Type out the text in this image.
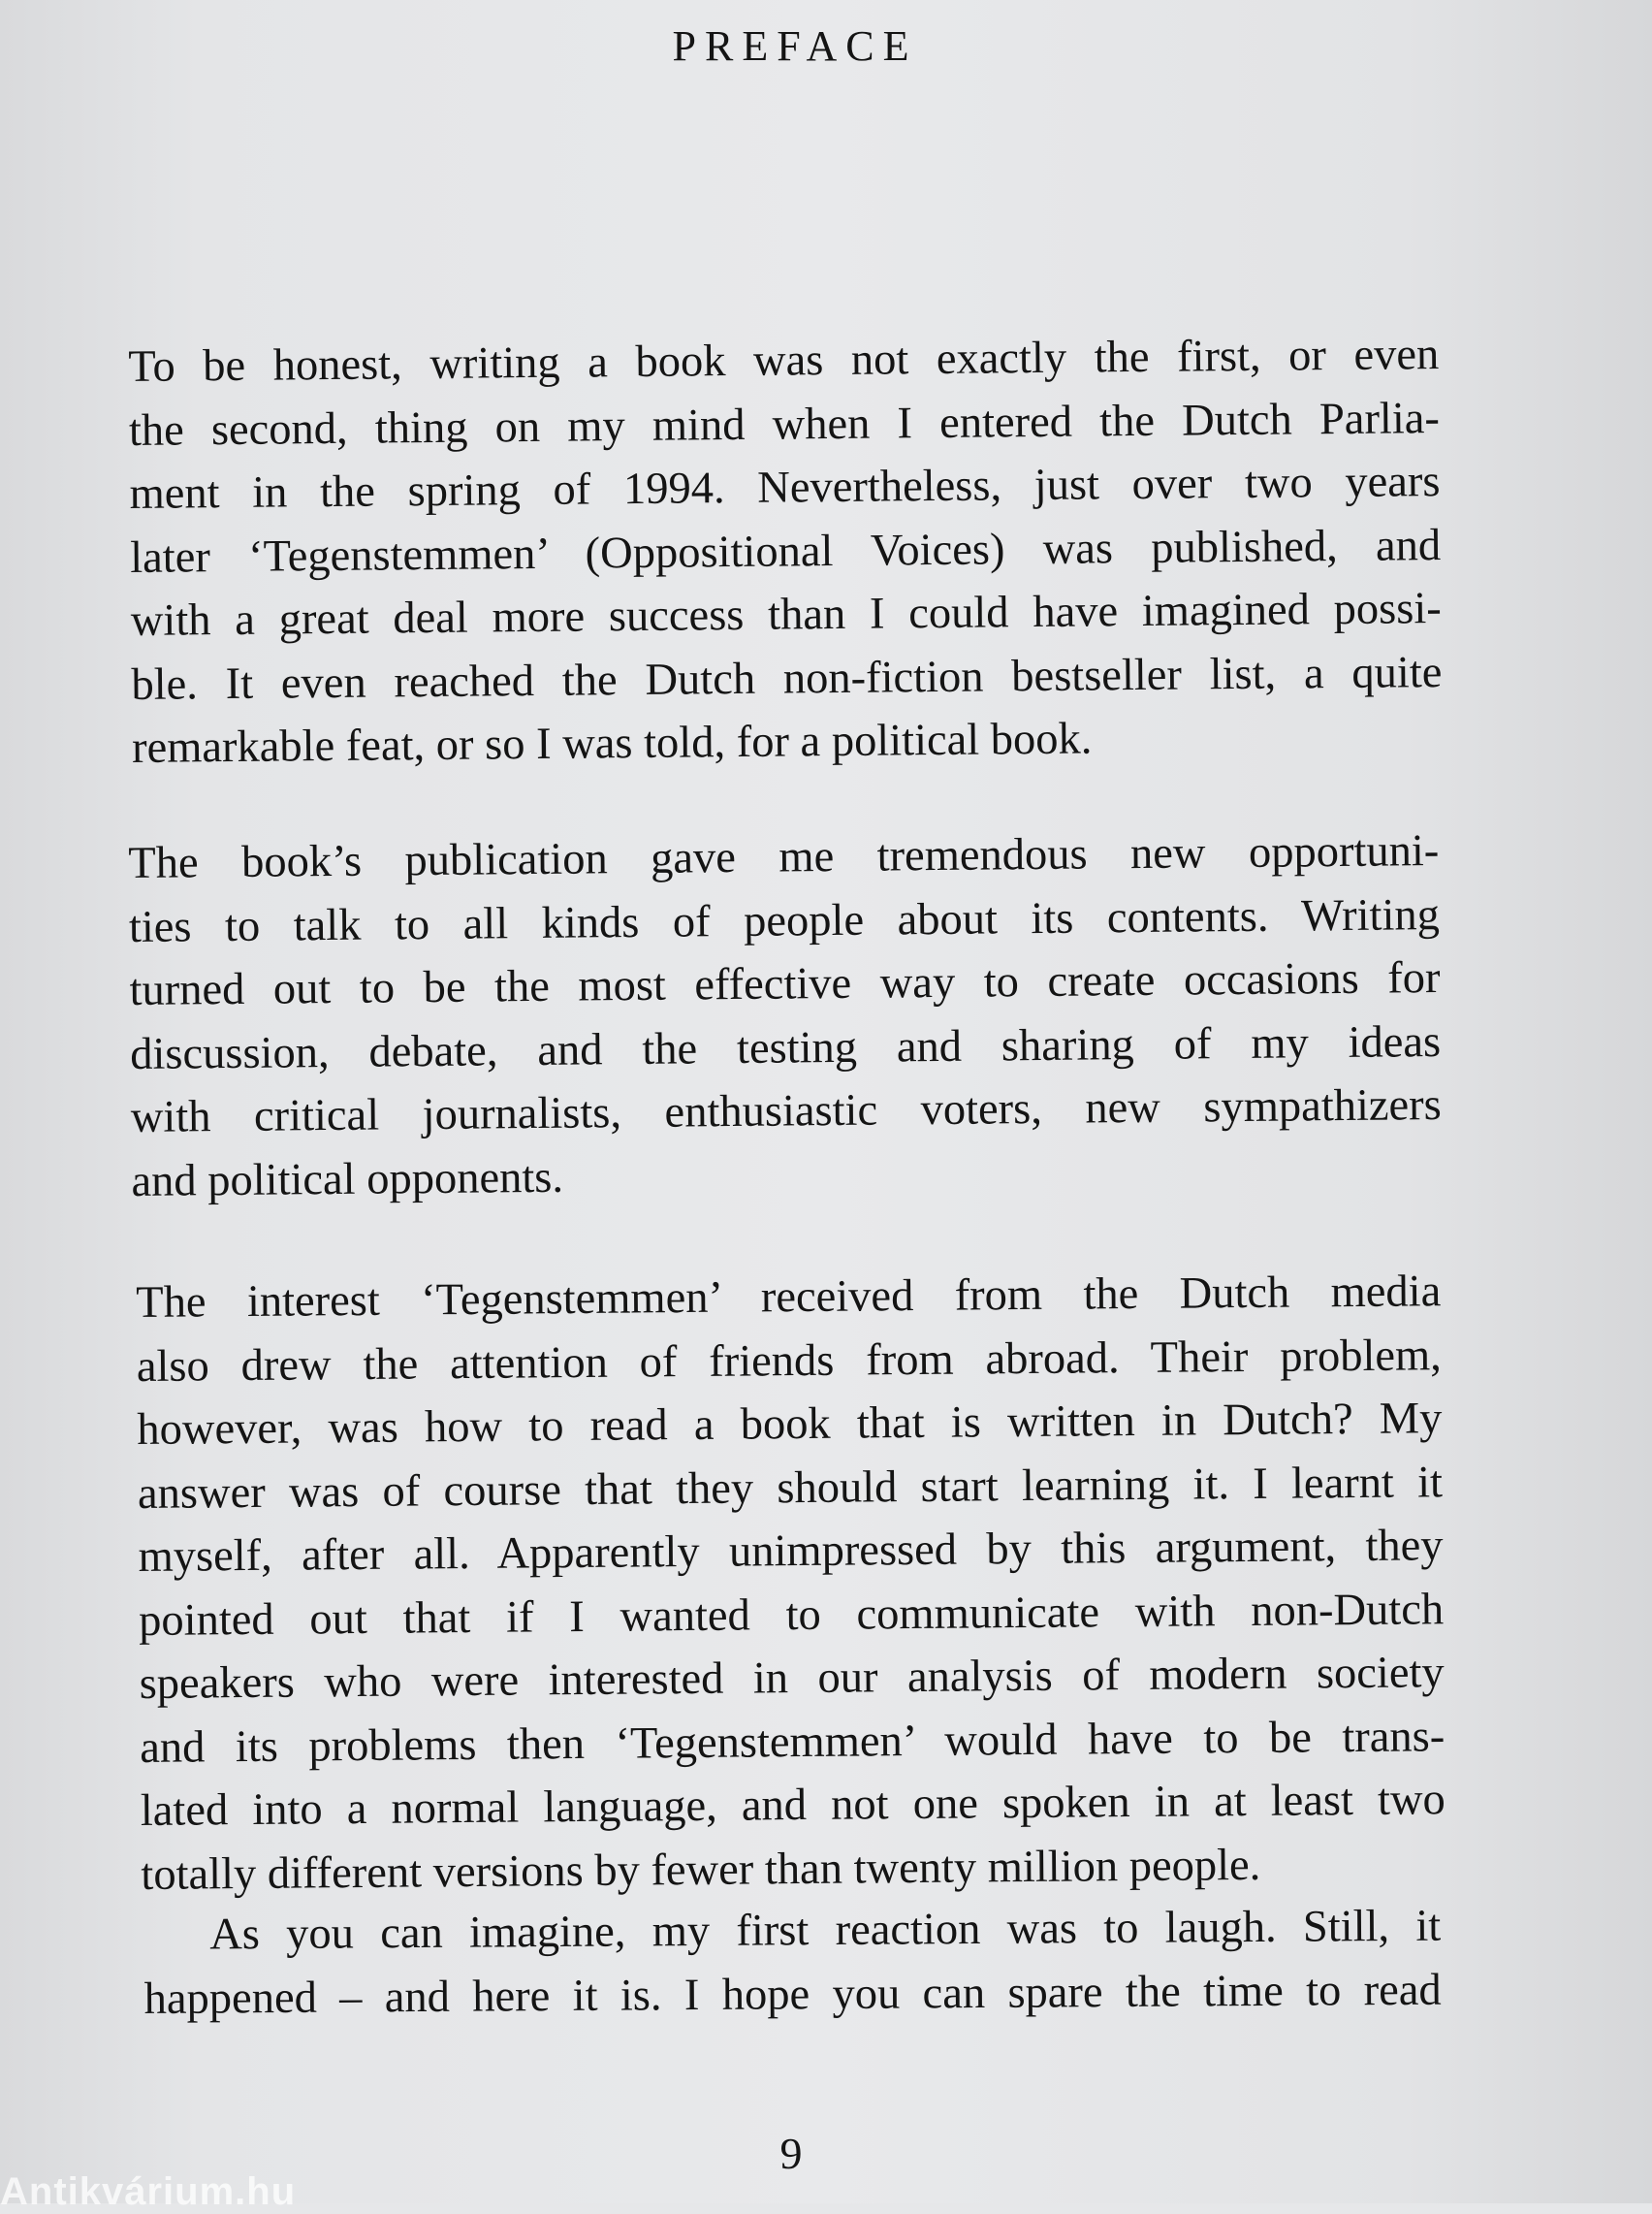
PREFACE
To be honest, writing a book was not exactly the first, or even
the second, thing on my mind when I entered the Dutch Parlia-
ment in the spring of 1994. Nevertheless, just over two years
later ‘Tegenstemmen’ (Oppositional Voices) was published, and
with a great deal more success than I could have imagined possi-
ble. It even reached the Dutch non-fiction bestseller list, a quite
remarkable feat, or so I was told, for a political book.
The book’s publication gave me tremendous new opportuni-
ties to talk to all kinds of people about its contents. Writing
turned out to be the most effective way to create occasions for
discussion, debate, and the testing and sharing of my ideas
with critical journalists, enthusiastic voters, new sympathizers
and political opponents.
The interest ‘Tegenstemmen’ received from the Dutch media
also drew the attention of friends from abroad. Their problem,
however, was how to read a book that is written in Dutch? My
answer was of course that they should start learning it. I learnt it
myself, after all. Apparently unimpressed by this argument, they
pointed out that if I wanted to communicate with non-Dutch
speakers who were interested in our analysis of modern society
and its problems then ‘Tegenstemmen’ would have to be trans-
lated into a normal language, and not one spoken in at least two
totally different versions by fewer than twenty million people.
As you can imagine, my first reaction was to laugh. Still, it
happened – and here it is. I hope you can spare the time to read
9
Antikvárium.hu
